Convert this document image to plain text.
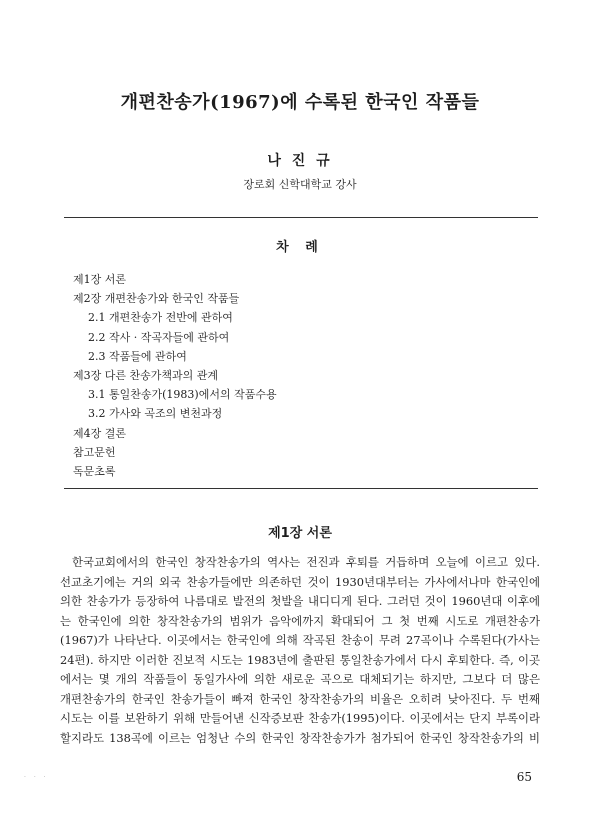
개편찬송가(1967)에 수록된 한국인 작품들
나 진 규
장로회 신학대학교 강사
차 례
제1장 서론
제2장 개편찬송가와 한국인 작품들
2.1 개편찬송가 전반에 관하여
2.2 작사 · 작곡자들에 관하여
2.3 작품들에 관하여
제3장 다른 찬송가책과의 관계
3.1 통일찬송가(1983)에서의 작품수용
3.2 가사와 곡조의 변천과정
제4장 결론
참고문헌
독문초록
제1장 서론
한국교회에서의 한국인 창작찬송가의 역사는 전진과 후퇴를 거듭하며 오늘에 이르고 있다.
선교초기에는 거의 외국 찬송가들에만 의존하던 것이 1930년대부터는 가사에서나마 한국인에
의한 찬송가가 등장하여 나름대로 발전의 첫발을 내디디게 된다. 그러던 것이 1960년대 이후에
는 한국인에 의한 창작찬송가의 범위가 음악에까지 확대되어 그 첫 번째 시도로 개편찬송가
(1967)가 나타난다. 이곳에서는 한국인에 의해 작곡된 찬송이 무려 27곡이나 수록된다(가사는
24편). 하지만 이러한 진보적 시도는 1983년에 출판된 통일찬송가에서 다시 후퇴한다. 즉, 이곳
에서는 몇 개의 작품들이 동일가사에 의한 새로운 곡으로 대체되기는 하지만, 그보다 더 많은
개편찬송가의 한국인 찬송가들이 빠져 한국인 창작찬송가의 비율은 오히려 낮아진다. 두 번째
시도는 이를 보완하기 위해 만들어낸 신작증보판 찬송가(1995)이다. 이곳에서는 단지 부록이라
할지라도 138곡에 이르는 엄청난 수의 한국인 창작찬송가가 첨가되어 한국인 창작찬송가의 비
· · ·	65
